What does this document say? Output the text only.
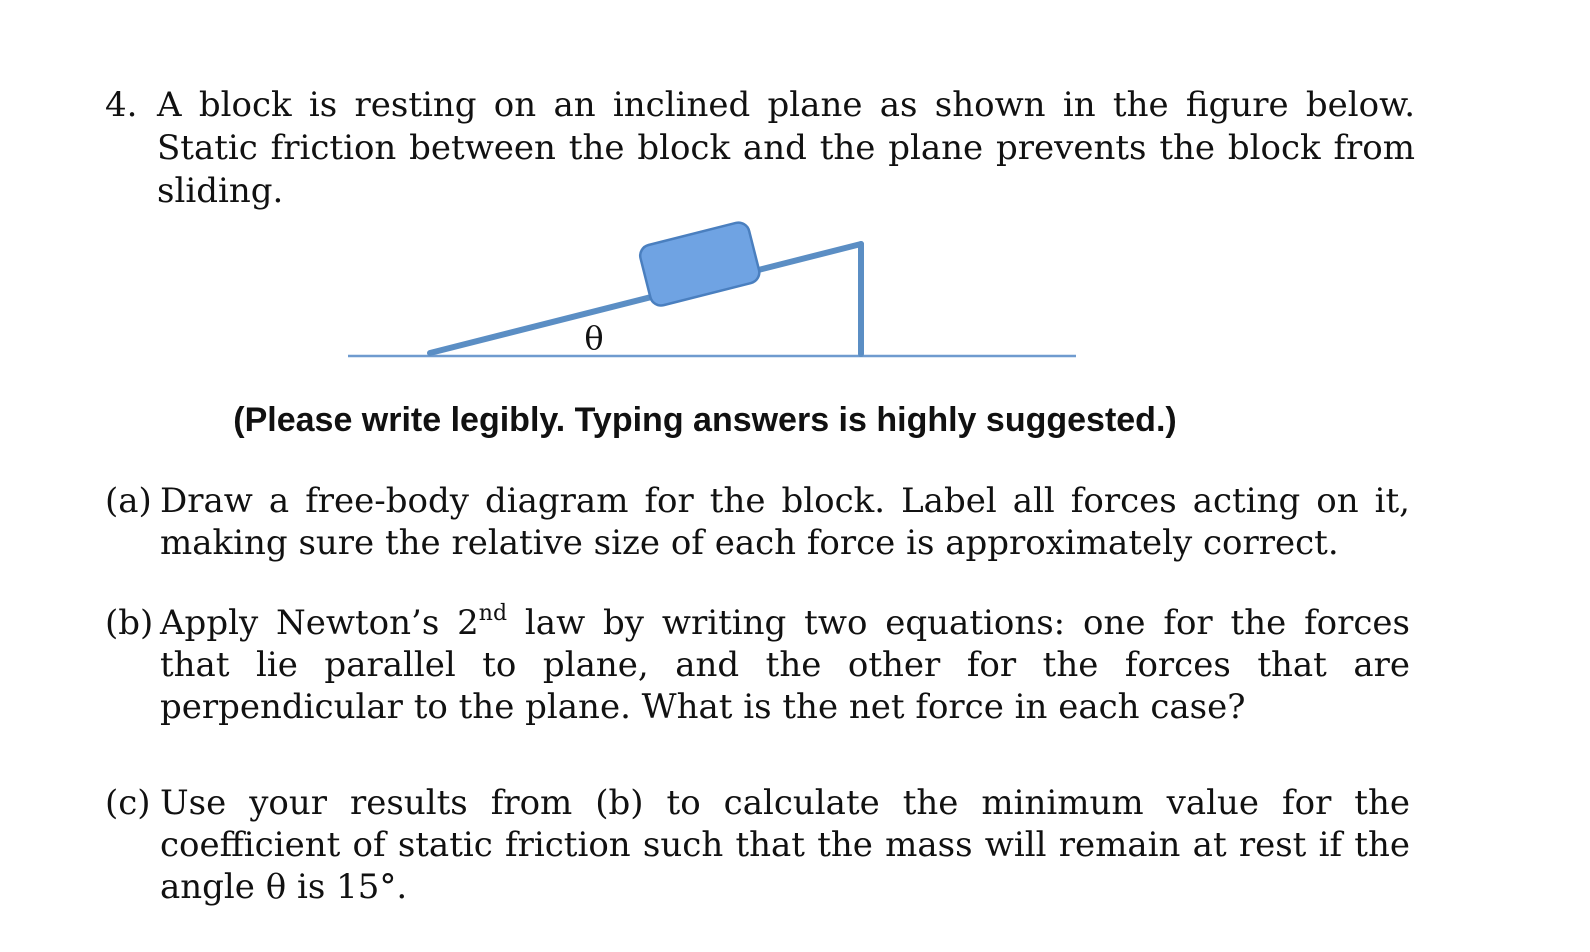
4. A block is resting on an inclined plane as shown in the figure below. Static friction between the block and the plane prevents the block from sliding.
θ
(Please write legibly. Typing answers is highly suggested.)
(a) Draw a free-body diagram for the block. Label all forces acting on it, making sure the relative size of each force is approximately correct.
(b) Apply Newton’s 2nd law by writing two equations: one for the forces that lie parallel to plane, and the other for the forces that are perpendicular to the plane. What is the net force in each case?
(c) Use your results from (b) to calculate the minimum value for the coefficient of static friction such that the mass will remain at rest if the angle θ is 15°.
